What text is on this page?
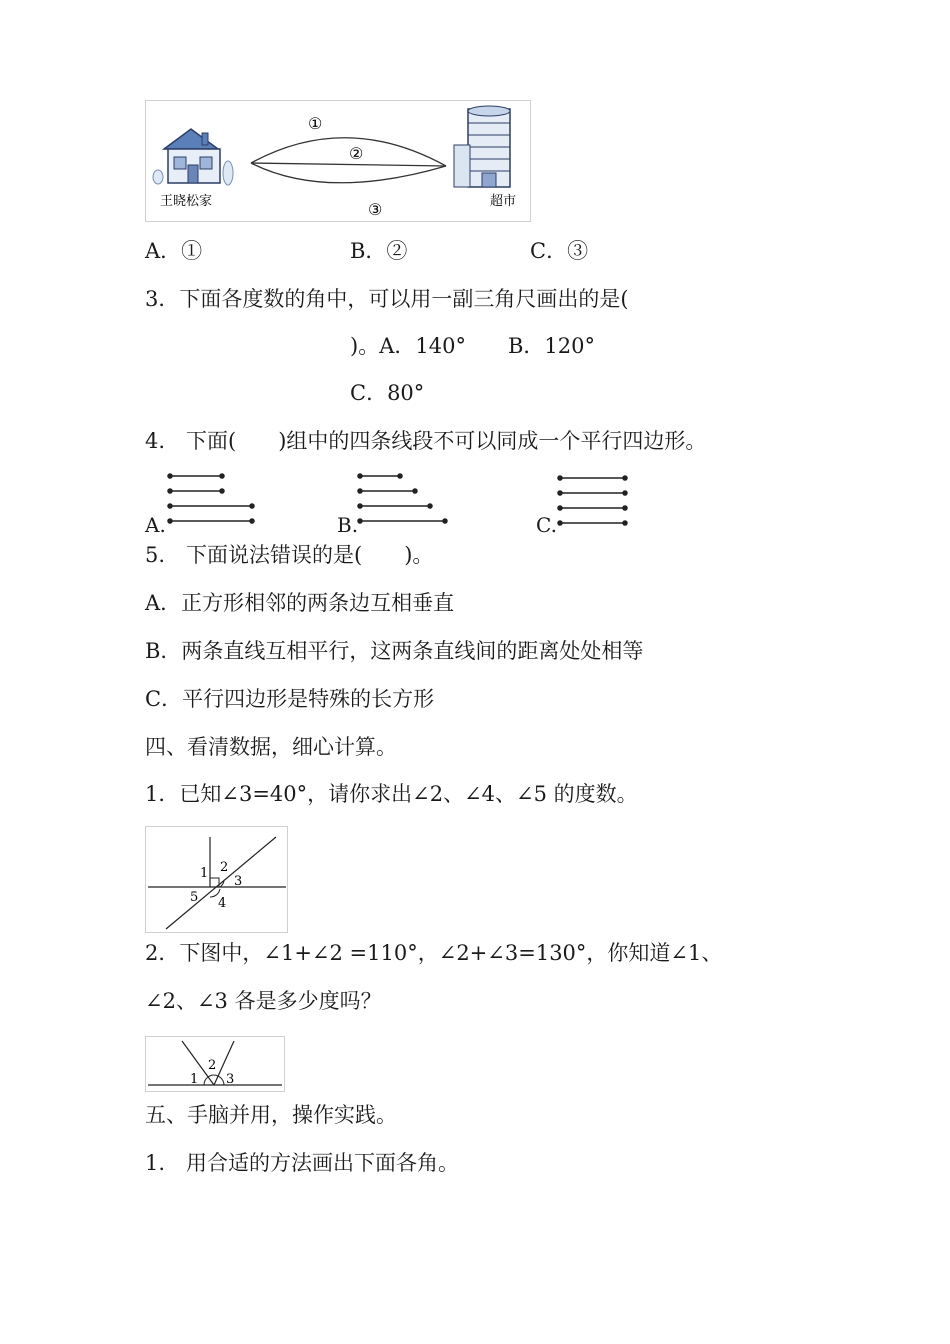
王晓松家
①
②
③	超市
A．①	B．②	C．③
3．下面各度数的角中，可以用一副三角尺画出的是(
)。A．140°　　B．120°
C．80°
4.　下面(　　)组中的四条线段不可以同成一个平行四边形。
A.	B.	C.
5.　下面说法错误的是(　　)。
A．正方形相邻的两条边互相垂直
B．两条直线互相平行，这两条直线间的距离处处相等
C．平行四边形是特殊的长方形
四、看清数据，细心计算。
1．已知∠3=40°，请你求出∠2、∠4、∠5 的度数。
1 2
3
4
5
2．下图中，∠1+∠2 =110°，∠2+∠3=130°，你知道∠1、
∠2、∠3 各是多少度吗？
1
2
3
五、手脑并用，操作实践。
1.　用合适的方法画出下面各角。
